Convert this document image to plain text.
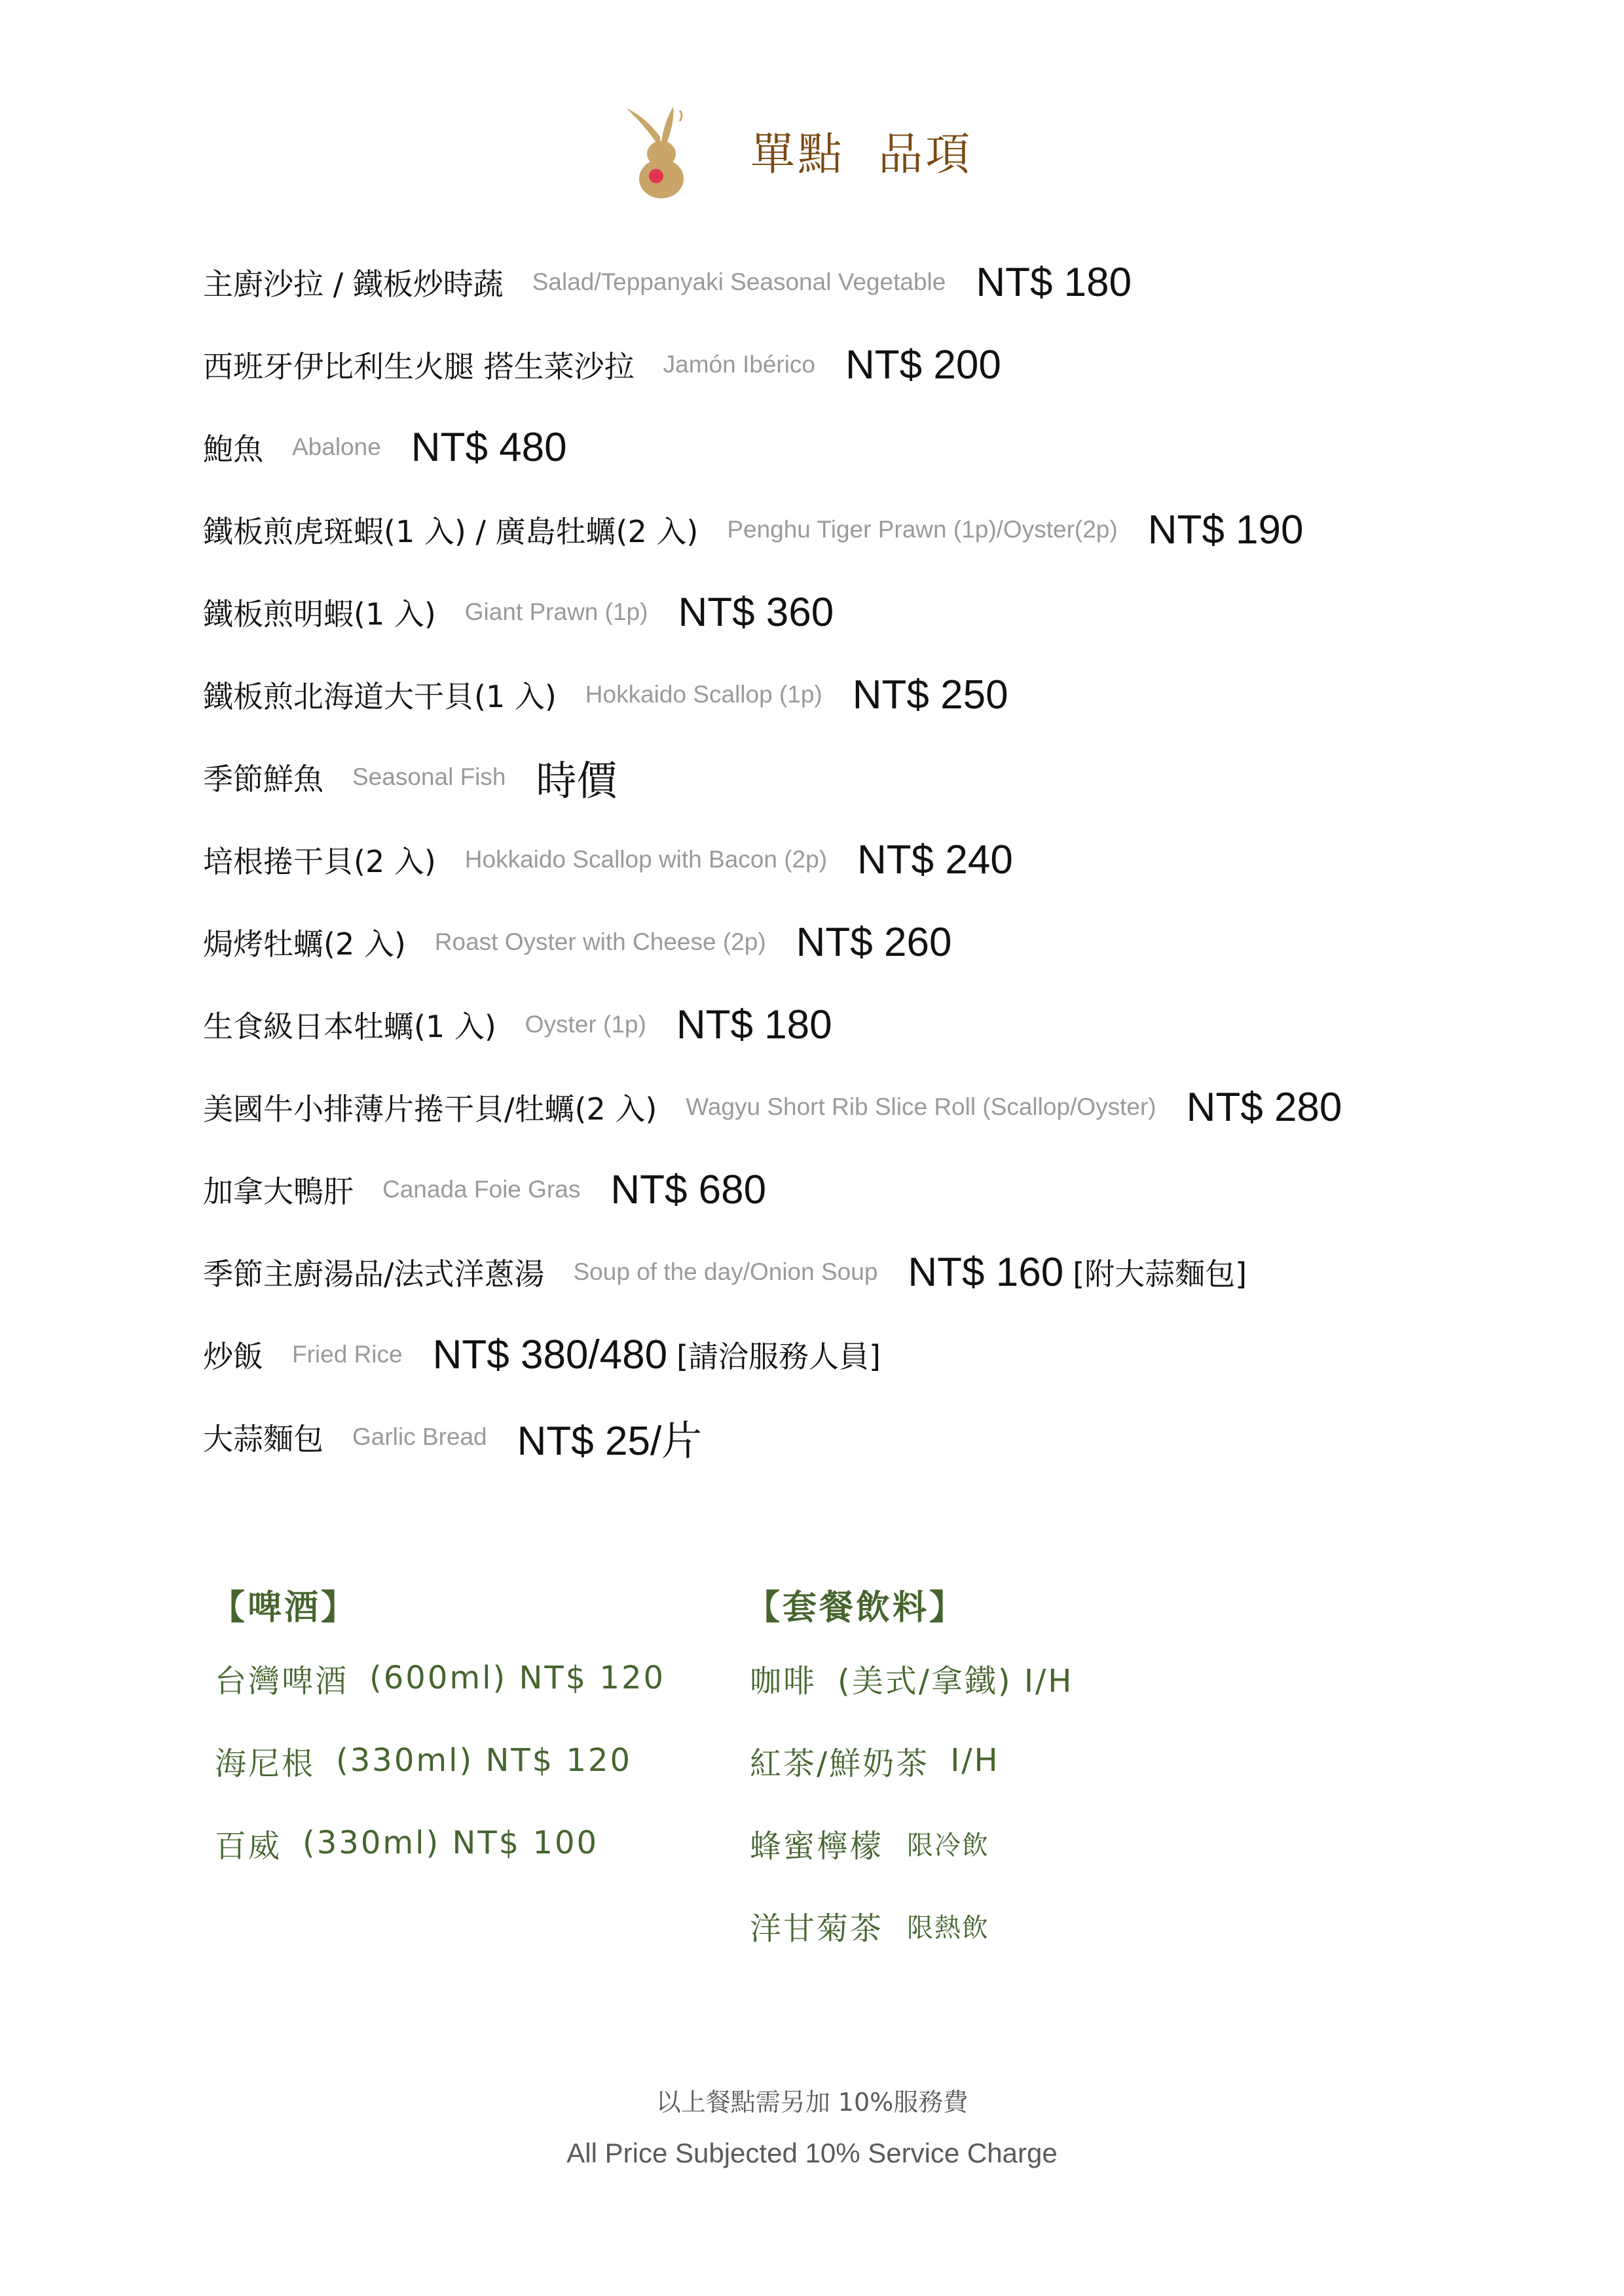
單點  品項
主廚沙拉 / 鐵板炒時蔬 Salad/Teppanyaki Seasonal Vegetable NT$ 180
西班牙伊比利生火腿 搭生菜沙拉 Jamón Ibérico NT$ 200
鮑魚 Abalone NT$ 480
鐵板煎虎斑蝦(1 入) / 廣島牡蠣(2 入) Penghu Tiger Prawn (1p)/Oyster(2p) NT$ 190
鐵板煎明蝦(1 入) Giant Prawn (1p) NT$ 360
鐵板煎北海道大干貝(1 入) Hokkaido Scallop (1p) NT$ 250
季節鮮魚 Seasonal Fish 時價
培根捲干貝(2 入) Hokkaido Scallop with Bacon (2p) NT$ 240
焗烤牡蠣(2 入) Roast Oyster with Cheese (2p) NT$ 260
生食級日本牡蠣(1 入) Oyster (1p) NT$ 180
美國牛小排薄片捲干貝/牡蠣(2 入) Wagyu Short Rib Slice Roll (Scallop/Oyster) NT$ 280
加拿大鴨肝 Canada Foie Gras NT$ 680
季節主廚湯品/法式洋蔥湯 Soup of the day/Onion Soup NT$ 160 [附大蒜麵包]
炒飯 Fried Rice NT$ 380/480 [請洽服務人員]
大蒜麵包 Garlic Bread NT$ 25/片
【啤酒】
台灣啤酒 (600ml) NT$ 120
海尼根 (330ml) NT$ 120
百威 (330ml) NT$ 100
【套餐飲料】
咖啡 (美式/拿鐵) I/H
紅茶/鮮奶茶 I/H
蜂蜜檸檬 限冷飲
洋甘菊茶 限熱飲
以上餐點需另加 10%服務費
All Price Subjected 10% Service Charge
